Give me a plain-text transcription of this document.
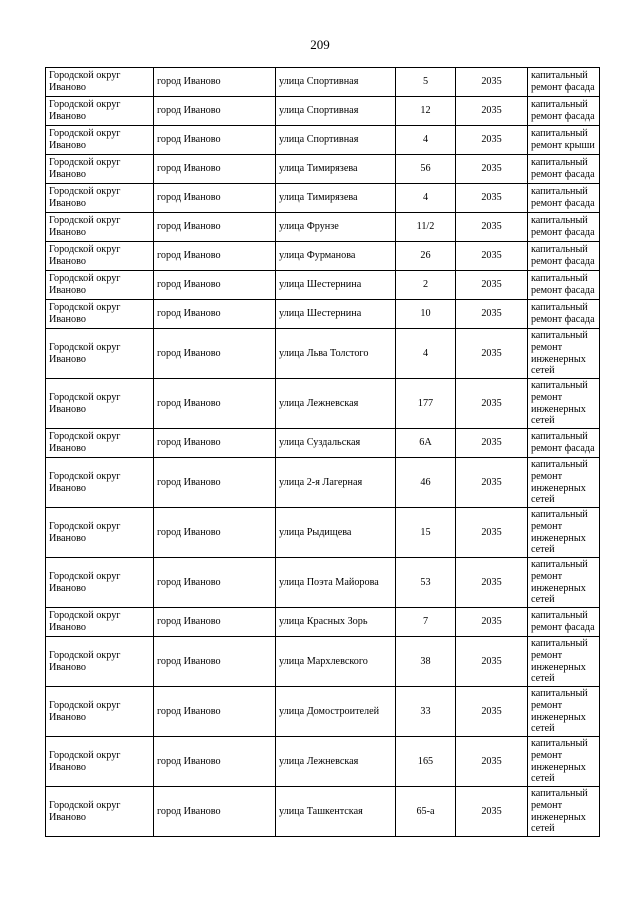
209
Городской округ Иваново	город Иваново	улица Спортивная	5	2035	капитальный ремонт фасада
Городской округ Иваново	город Иваново	улица Спортивная	12	2035	капитальный ремонт фасада
Городской округ Иваново	город Иваново	улица Спортивная	4	2035	капитальный ремонт крыши
Городской округ Иваново	город Иваново	улица Тимирязева	56	2035	капитальный ремонт фасада
Городской округ Иваново	город Иваново	улица Тимирязева	4	2035	капитальный ремонт фасада
Городской округ Иваново	город Иваново	улица Фрунзе	11/2	2035	капитальный ремонт фасада
Городской округ Иваново	город Иваново	улица Фурманова	26	2035	капитальный ремонт фасада
Городской округ Иваново	город Иваново	улица Шестернина	2	2035	капитальный ремонт фасада
Городской округ Иваново	город Иваново	улица Шестернина	10	2035	капитальный ремонт фасада
Городской округ Иваново	город Иваново	улица Льва Толстого	4	2035	капитальный ремонт инженерных сетей
Городской округ Иваново	город Иваново	улица Лежневская	177	2035	капитальный ремонт инженерных сетей
Городской округ Иваново	город Иваново	улица Суздальская	6А	2035	капитальный ремонт фасада
Городской округ Иваново	город Иваново	улица 2-я Лагерная	46	2035	капитальный ремонт инженерных сетей
Городской округ Иваново	город Иваново	улица Рыдищева	15	2035	капитальный ремонт инженерных сетей
Городской округ Иваново	город Иваново	улица Поэта Майорова	53	2035	капитальный ремонт инженерных сетей
Городской округ Иваново	город Иваново	улица Красных Зорь	7	2035	капитальный ремонт фасада
Городской округ Иваново	город Иваново	улица Мархлевского	38	2035	капитальный ремонт инженерных сетей
Городской округ Иваново	город Иваново	улица Домостроителей	33	2035	капитальный ремонт инженерных сетей
Городской округ Иваново	город Иваново	улица Лежневская	165	2035	капитальный ремонт инженерных сетей
Городской округ Иваново	город Иваново	улица Ташкентская	65-а	2035	капитальный ремонт инженерных сетей
